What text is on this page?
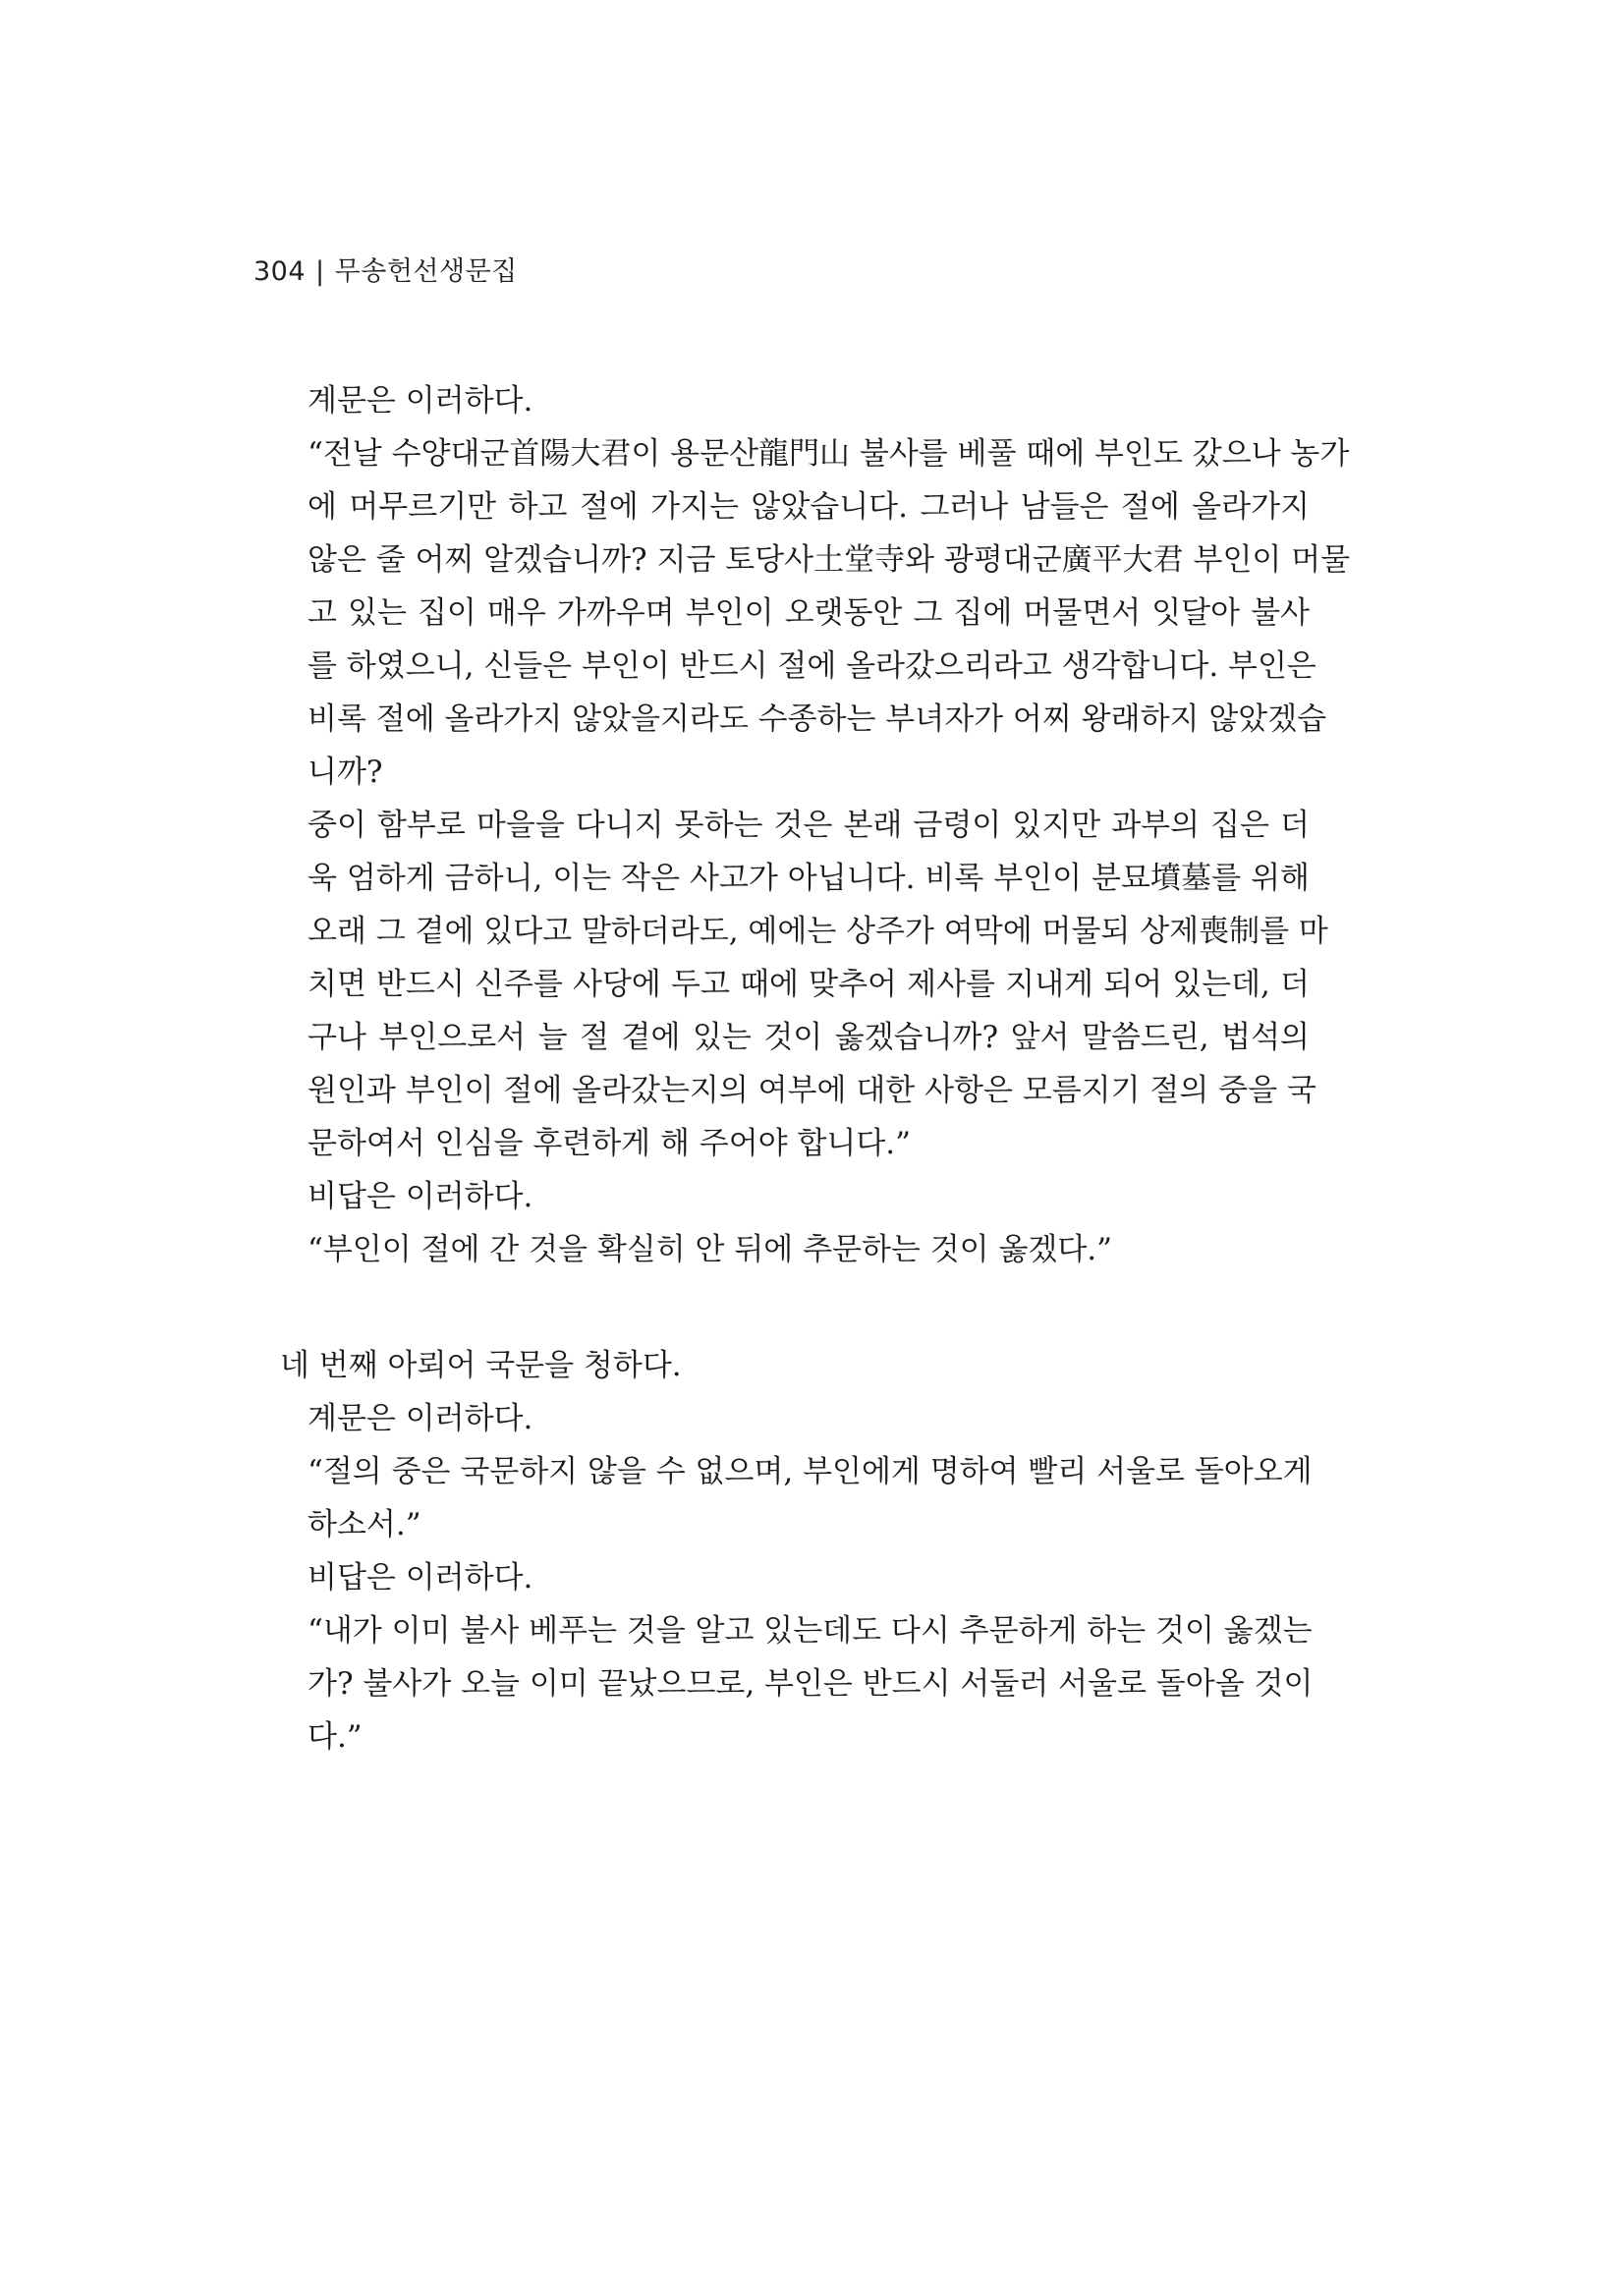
304 | 무송헌선생문집
계문은 이러하다.
“전날 수양대군首陽大君이 용문산龍門山 불사를 베풀 때에 부인도 갔으나 농가
에 머무르기만 하고 절에 가지는 않았습니다. 그러나 남들은 절에 올라가지
않은 줄 어찌 알겠습니까? 지금 토당사土堂寺와 광평대군廣平大君 부인이 머물
고 있는 집이 매우 가까우며 부인이 오랫동안 그 집에 머물면서 잇달아 불사
를 하였으니, 신들은 부인이 반드시 절에 올라갔으리라고 생각합니다. 부인은
비록 절에 올라가지 않았을지라도 수종하는 부녀자가 어찌 왕래하지 않았겠습
니까?
중이 함부로 마을을 다니지 못하는 것은 본래 금령이 있지만 과부의 집은 더
욱 엄하게 금하니, 이는 작은 사고가 아닙니다. 비록 부인이 분묘墳墓를 위해
오래 그 곁에 있다고 말하더라도, 예에는 상주가 여막에 머물되 상제喪制를 마
치면 반드시 신주를 사당에 두고 때에 맞추어 제사를 지내게 되어 있는데, 더
구나 부인으로서 늘 절 곁에 있는 것이 옳겠습니까? 앞서 말씀드린, 법석의
원인과 부인이 절에 올라갔는지의 여부에 대한 사항은 모름지기 절의 중을 국
문하여서 인심을 후련하게 해 주어야 합니다.”
비답은 이러하다.
“부인이 절에 간 것을 확실히 안 뒤에 추문하는 것이 옳겠다.”
네 번째 아뢰어 국문을 청하다.
계문은 이러하다.
“절의 중은 국문하지 않을 수 없으며, 부인에게 명하여 빨리 서울로 돌아오게
하소서.”
비답은 이러하다.
“내가 이미 불사 베푸는 것을 알고 있는데도 다시 추문하게 하는 것이 옳겠는
가? 불사가 오늘 이미 끝났으므로, 부인은 반드시 서둘러 서울로 돌아올 것이
다.”
